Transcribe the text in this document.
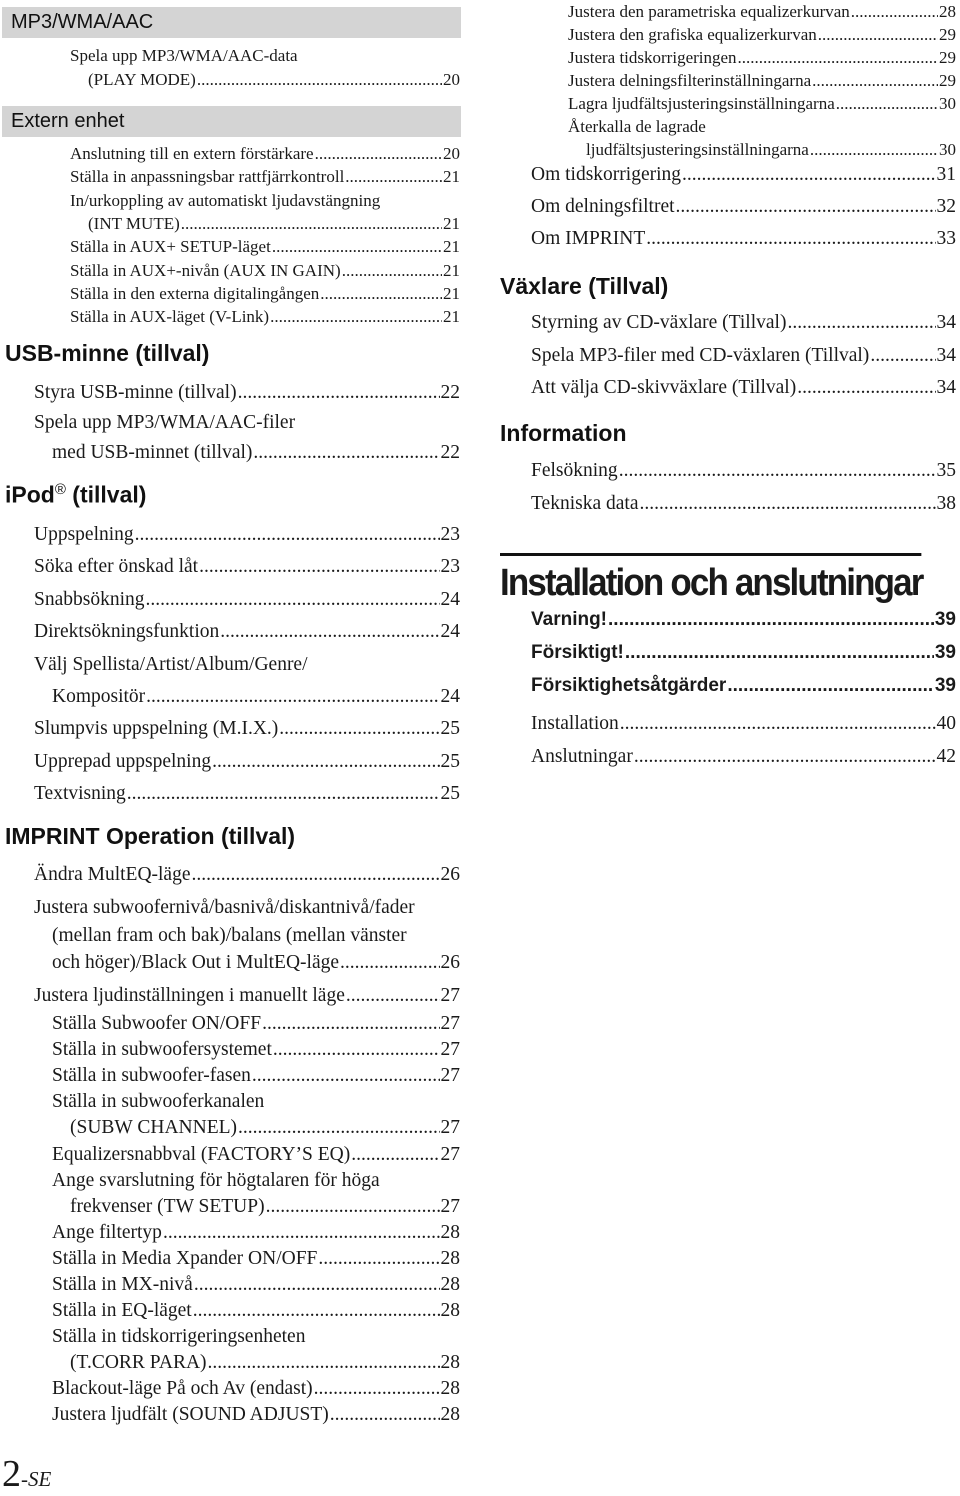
MP3/WMA/AAC
Spela upp MP3/WMA/AAC-data
(PLAY MODE) .....	20
Extern enhet
Anslutning till en extern förstärkare .....	20
Ställa in anpassningsbar rattfjärrkontroll .....	21
In/urkoppling av automatiskt ljudavstängning
(INT MUTE) .....	21
Ställa in AUX+ SETUP-läget .....	21
Ställa in AUX+-nivån (AUX IN GAIN) .....	21
Ställa in den externa digitalingången .....	21
Ställa in AUX-läget (V-Link) .....	21
USB-minne (tillval)
Styra USB-minne (tillval) .....	22
Spela upp MP3/WMA/AAC-filer
med USB-minnet (tillval) .....	22
iPod® (tillval)
Uppspelning .....	23
Söka efter önskad låt .....	23
Snabbsökning .....	24
Direktsökningsfunktion .....	24
Välj Spellista/Artist/Album/Genre/
Kompositör .....	24
Slumpvis uppspelning (M.I.X.) .....	25
Upprepad uppspelning .....	25
Textvisning .....	25
IMPRINT Operation (tillval)
Ändra MultEQ-läge .....	26
Justera subwoofernivå/basnivå/diskantnivå/fader
(mellan fram och bak)/balans (mellan vänster
och höger)/Black Out i MultEQ-läge .....	26
Justera ljudinställningen i manuellt läge .....	27
Ställa Subwoofer ON/OFF .....	27
Ställa in subwoofersystemet .....	27
Ställa in subwoofer-fasen .....	27
Ställa in subwooferkanalen
(SUBW CHANNEL) .....	27
Equalizersnabbval (FACTORY’S EQ) .....	27
Ange svarslutning för högtalaren för höga
frekvenser (TW SETUP) .....	27
Ange filtertyp .....	28
Ställa in Media Xpander ON/OFF .....	28
Ställa in MX-nivå .....	28
Ställa in EQ-läget .....	28
Ställa in tidskorrigeringsenheten
(T.CORR PARA) .....	28
Blackout-läge På och Av (endast) .....	28
Justera ljudfält (SOUND ADJUST) .....	28
2-SE
Justera den parametriska equalizerkurvan .....	28
Justera den grafiska equalizerkurvan .....	29
Justera tidskorrigeringen .....	29
Justera delningsfilterinställningarna .....	29
Lagra ljudfältsjusteringsinställningarna .....	30
Återkalla de lagrade
ljudfältsjusteringsinställningarna .....	30
Om tidskorrigering .....	31
Om delningsfiltret .....	32
Om IMPRINT .....	33
Växlare (Tillval)
Styrning av CD-växlare (Tillval) .....	34
Spela MP3-filer med CD-växlaren (Tillval) .....	34
Att välja CD-skivväxlare (Tillval) .....	34
Information
Felsökning .....	35
Tekniska data .....	38
Installation och anslutningar
Varning! .....	39
Försiktigt! .....	39
Försiktighetsåtgärder .....	39
Installation .....	40
Anslutningar .....	42
